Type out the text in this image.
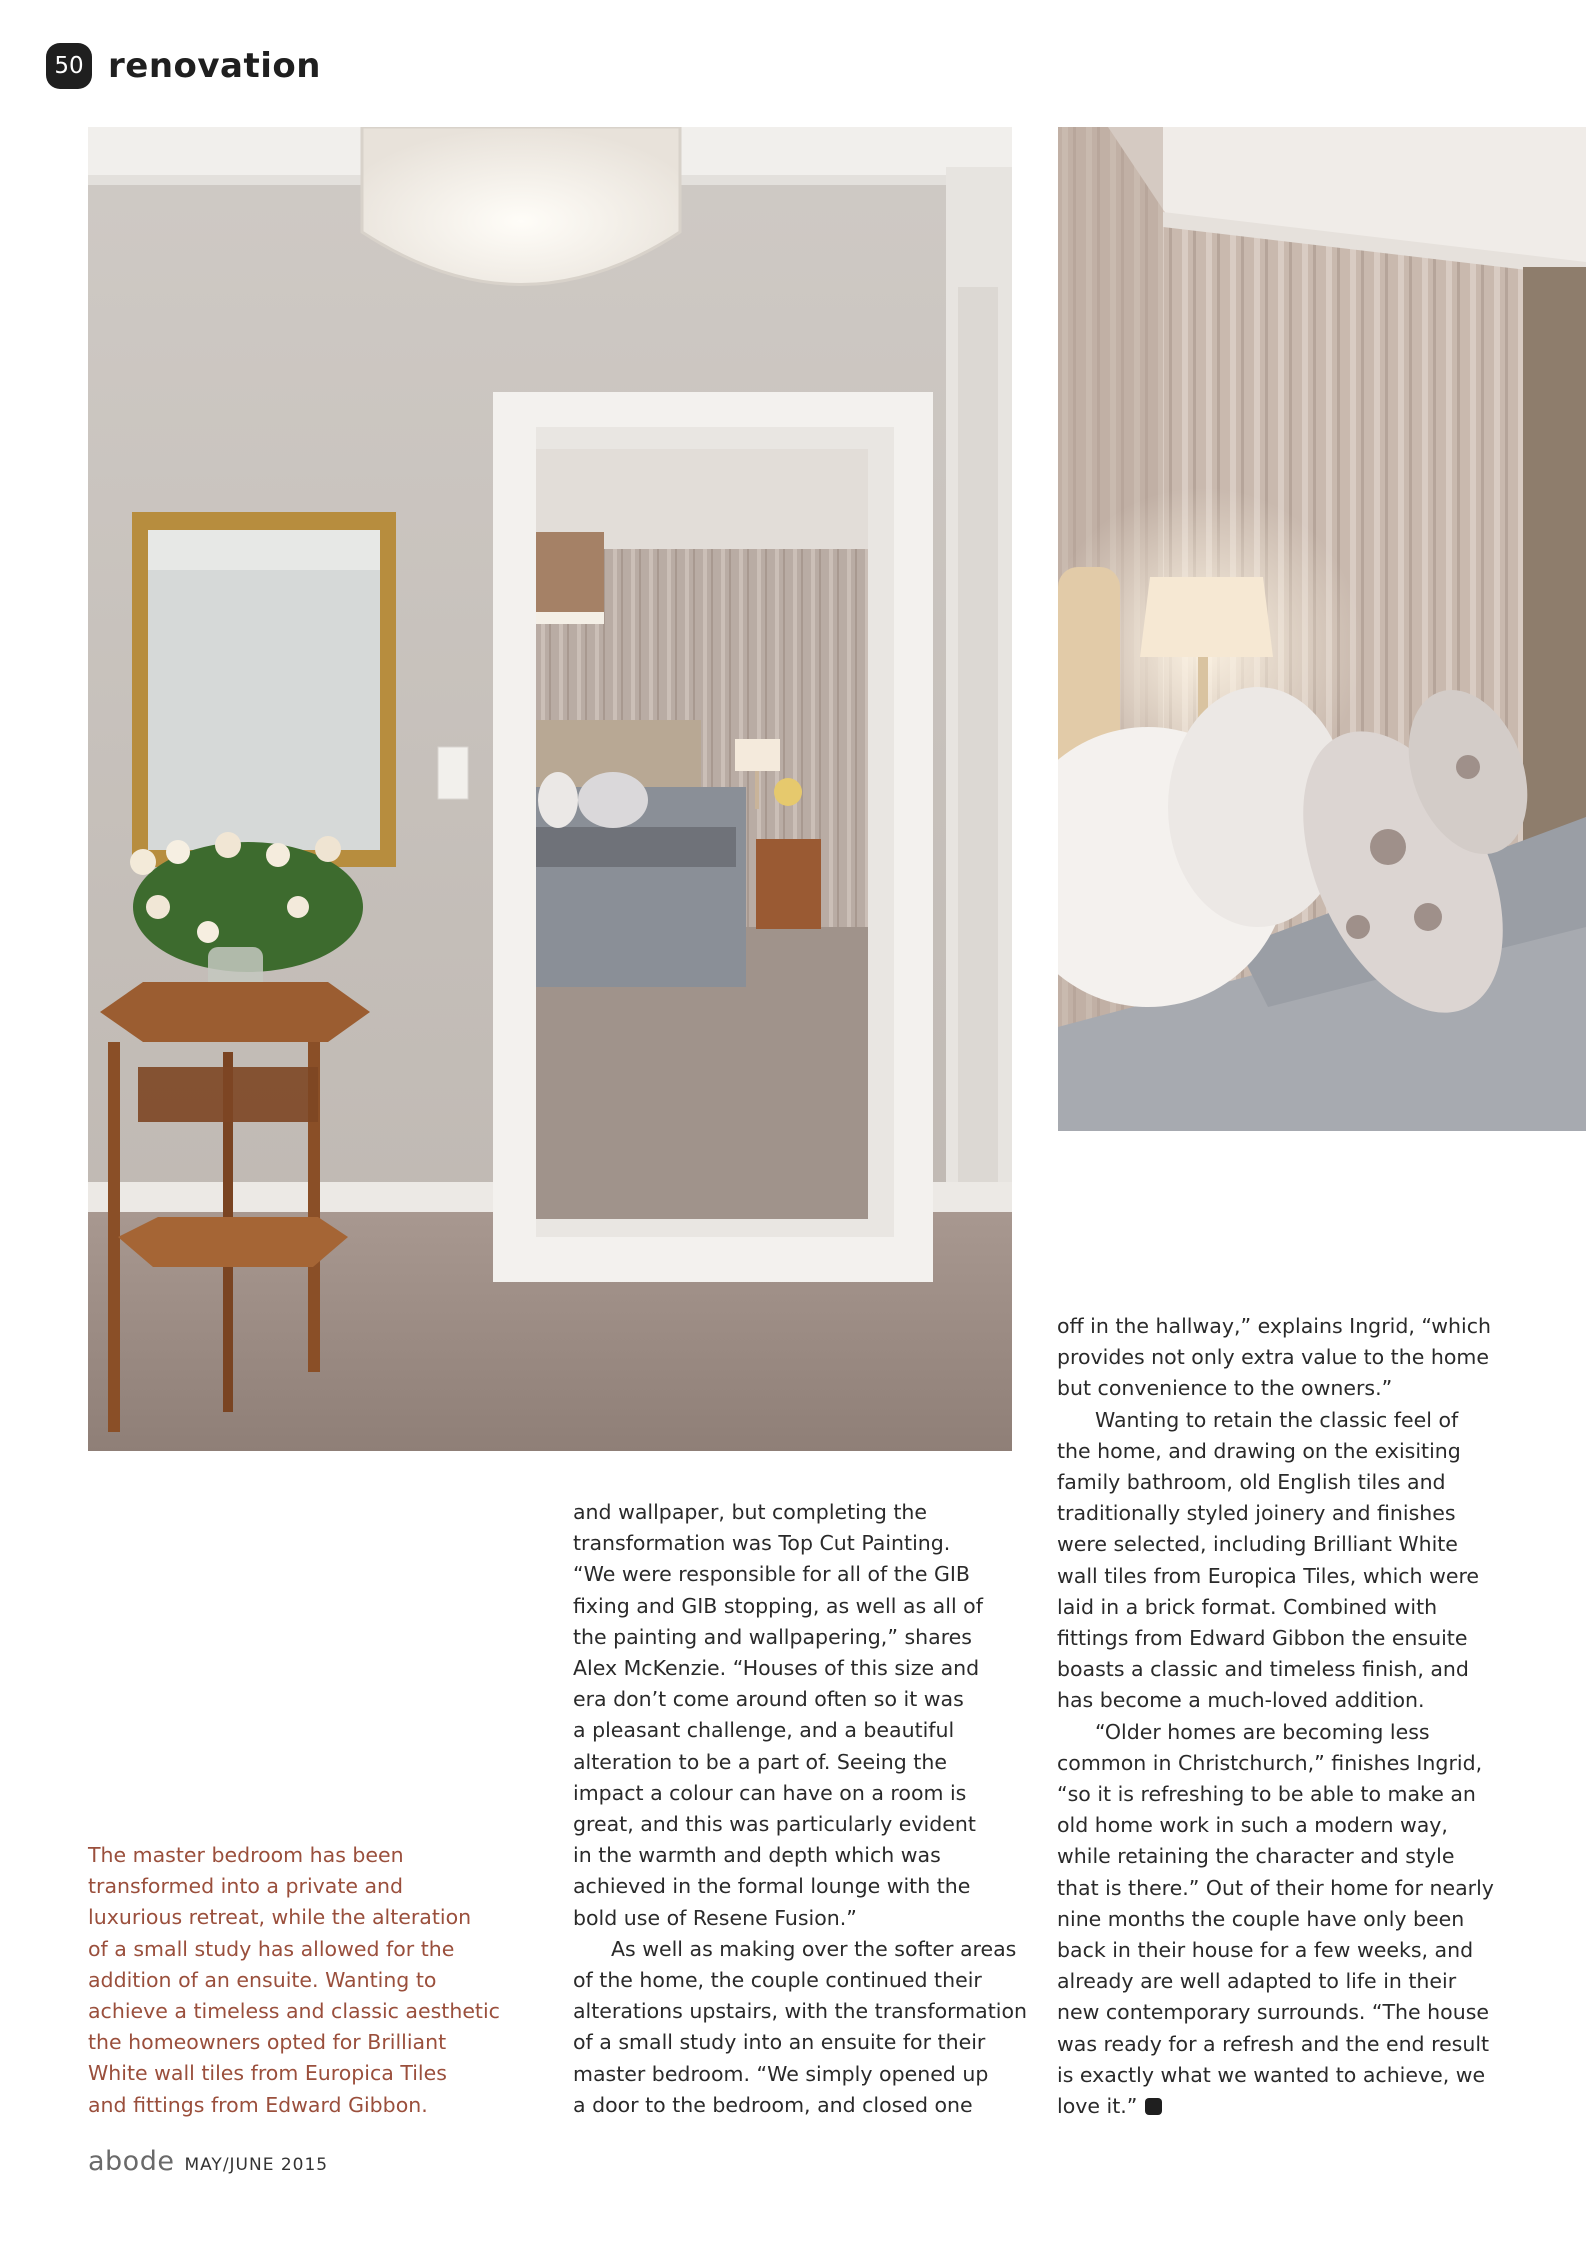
50 renovation

The master bedroom has been

transformed into a private and

luxurious retreat, while the alteration

of a small study has allowed for the

addition of an ensuite. Wanting to

achieve a timeless and classic aesthetic

the homeowners opted for Brilliant

White wall tiles from Europica Tiles

and fittings from Edward Gibbon.

and wallpaper, but completing the

transformation was Top Cut Painting.

“We were responsible for all of the GIB

fixing and GIB stopping, as well as all of

the painting and wallpapering,” shares

Alex McKenzie. “Houses of this size and

era don’t come around often so it was

a pleasant challenge, and a beautiful

alteration to be a part of. Seeing the

impact a colour can have on a room is

great, and this was particularly evident

in the warmth and depth which was

achieved in the formal lounge with the

bold use of Resene Fusion.”

As well as making over the softer areas

of the home, the couple continued their

alterations upstairs, with the transformation

of a small study into an ensuite for their

master bedroom. “We simply opened up

a door to the bedroom, and closed one

off in the hallway,” explains Ingrid, “which

provides not only extra value to the home

but convenience to the owners.”

Wanting to retain the classic feel of

the home, and drawing on the exisiting

family bathroom, old English tiles and

traditionally styled joinery and finishes

were selected, including Brilliant White

wall tiles from Europica Tiles, which were

laid in a brick format. Combined with

fittings from Edward Gibbon the ensuite

boasts a classic and timeless finish, and

has become a much-loved addition.

“Older homes are becoming less

common in Christchurch,” finishes Ingrid,

“so it is refreshing to be able to make an

old home work in such a modern way,

while retaining the character and style

that is there.” Out of their home for nearly

nine months the couple have only been

back in their house for a few weeks, and

already are well adapted to life in their

new contemporary surrounds. “The house

was ready for a refresh and the end result

is exactly what we wanted to achieve, we

love it.”

abode MAY/JUNE 2015
